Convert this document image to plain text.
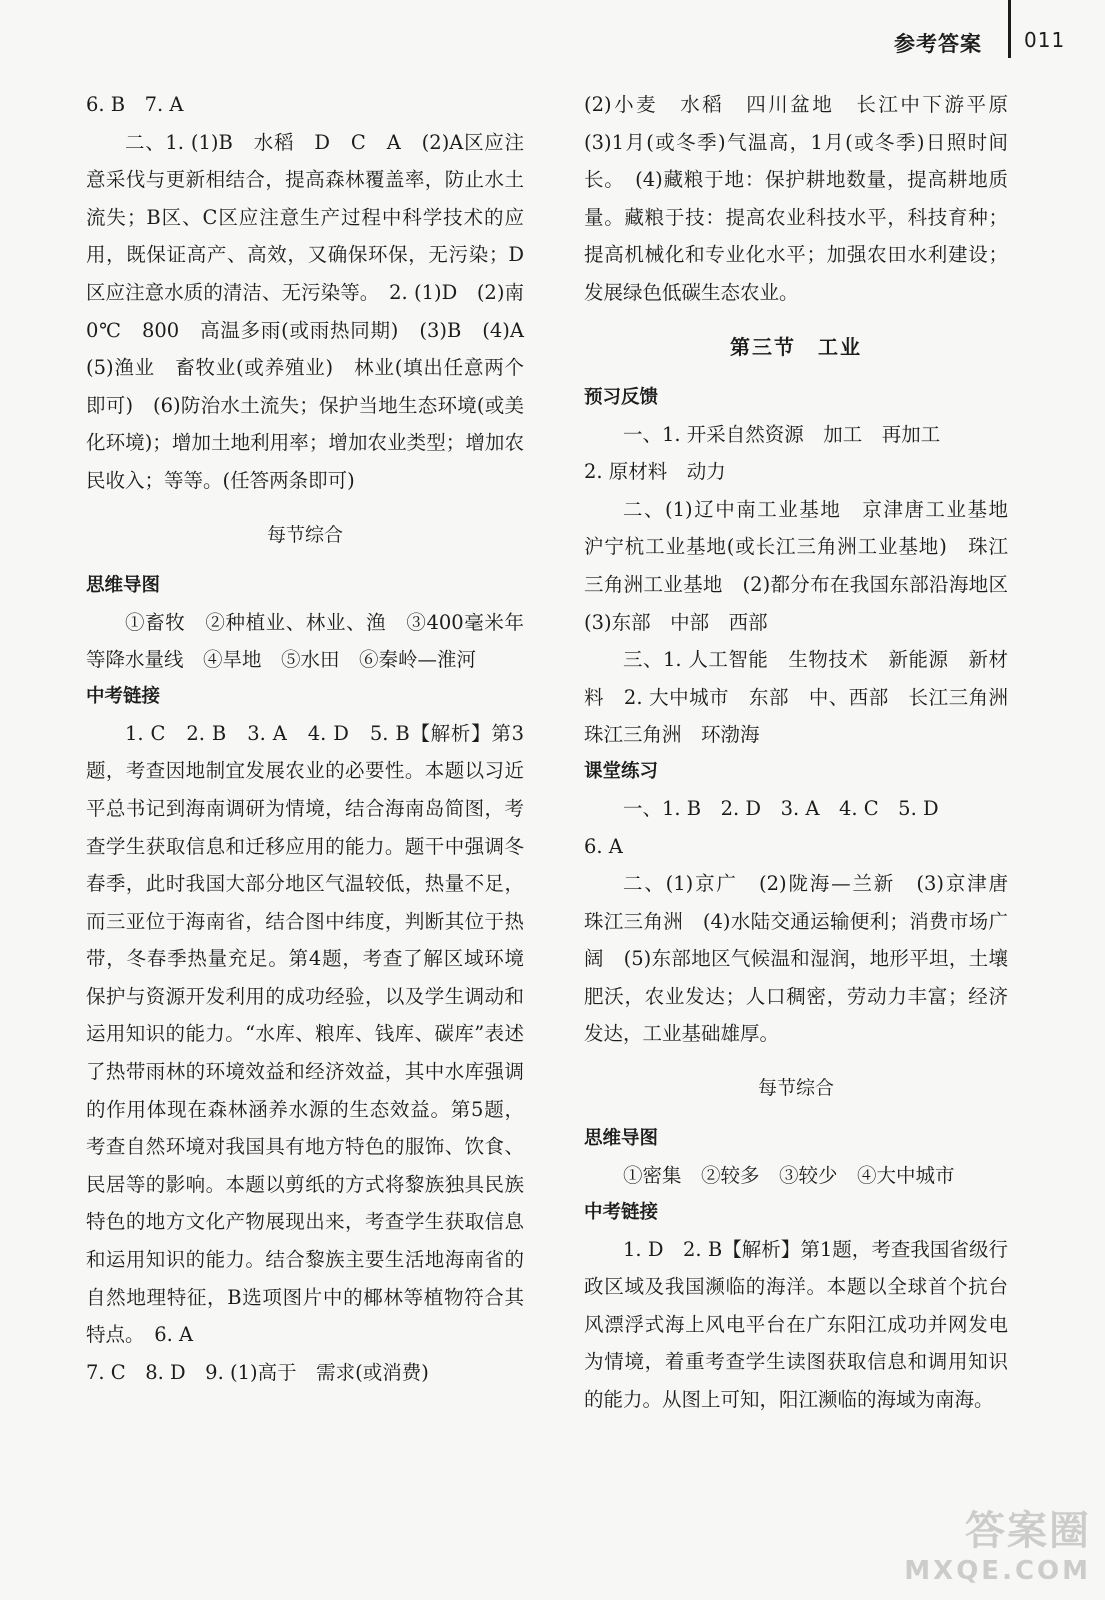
参考答案 011

6. B　7. A

二、1. (1)B　水稻　D　C　A　(2)A区应注意采伐与更新相结合，提高森林覆盖率，防止水土流失；B区、C区应注意生产过程中科学技术的应用，既保证高产、高效，又确保环保，无污染；D区应注意水质的清洁、无污染等。　2. (1)D　(2)南　0℃　800　高温多雨(或雨热同期)　(3)B　(4)A　(5)渔业　畜牧业(或养殖业)　林业(填出任意两个即可)　(6)防治水土流失；保护当地生态环境(或美化环境)；增加土地利用率；增加农业类型；增加农民收入；等等。(任答两条即可)

每节综合

思维导图

①畜牧　②种植业、林业、渔　③400毫米年等降水量线　④旱地　⑤水田　⑥秦岭—淮河

中考链接

1. C　2. B　3. A　4. D　5. B【解析】第3题，考查因地制宜发展农业的必要性。本题以习近平总书记到海南调研为情境，结合海南岛简图，考查学生获取信息和迁移应用的能力。题干中强调冬春季，此时我国大部分地区气温较低，热量不足，而三亚位于海南省，结合图中纬度，判断其位于热带，冬春季热量充足。第4题，考查了解区域环境保护与资源开发利用的成功经验，以及学生调动和运用知识的能力。“水库、粮库、钱库、碳库”表述了热带雨林的环境效益和经济效益，其中水库强调的作用体现在森林涵养水源的生态效益。第5题，考查自然环境对我国具有地方特色的服饰、饮食、民居等的影响。本题以剪纸的方式将黎族独具民族特色的地方文化产物展现出来，考查学生获取信息和运用知识的能力。结合黎族主要生活地海南省的自然地理特征，B选项图片中的椰林等植物符合其特点。　6. A

7. C　8. D　9. (1)高于　需求(或消费)

(2)小麦　水稻　四川盆地　长江中下游平原　(3)1月(或冬季)气温高，1月(或冬季)日照时间长。　(4)藏粮于地：保护耕地数量，提高耕地质量。藏粮于技：提高农业科技水平，科技育种；提高机械化和专业化水平；加强农田水利建设；发展绿色低碳生态农业。

第三节　工业

预习反馈

一、1. 开采自然资源　加工　再加工

2. 原材料　动力

二、(1)辽中南工业基地　京津唐工业基地　沪宁杭工业基地(或长江三角洲工业基地)　珠江三角洲工业基地　(2)都分布在我国东部沿海地区　(3)东部　中部　西部

三、1. 人工智能　生物技术　新能源　新材料　2. 大中城市　东部　中、西部　长江三角洲　珠江三角洲　环渤海

课堂练习

一、1. B　2. D　3. A　4. C　5. D

6. A

二、(1)京广　(2)陇海—兰新　(3)京津唐　珠江三角洲　(4)水陆交通运输便利；消费市场广阔　(5)东部地区气候温和湿润，地形平坦，土壤肥沃，农业发达；人口稠密，劳动力丰富；经济发达，工业基础雄厚。

每节综合

思维导图

①密集　②较多　③较少　④大中城市

中考链接

1. D　2. B【解析】第1题，考查我国省级行政区域及我国濒临的海洋。本题以全球首个抗台风漂浮式海上风电平台在广东阳江成功并网发电为情境，着重考查学生读图获取信息和调用知识的能力。从图上可知，阳江濒临的海域为南海。

答案圈
MXQE.COM
